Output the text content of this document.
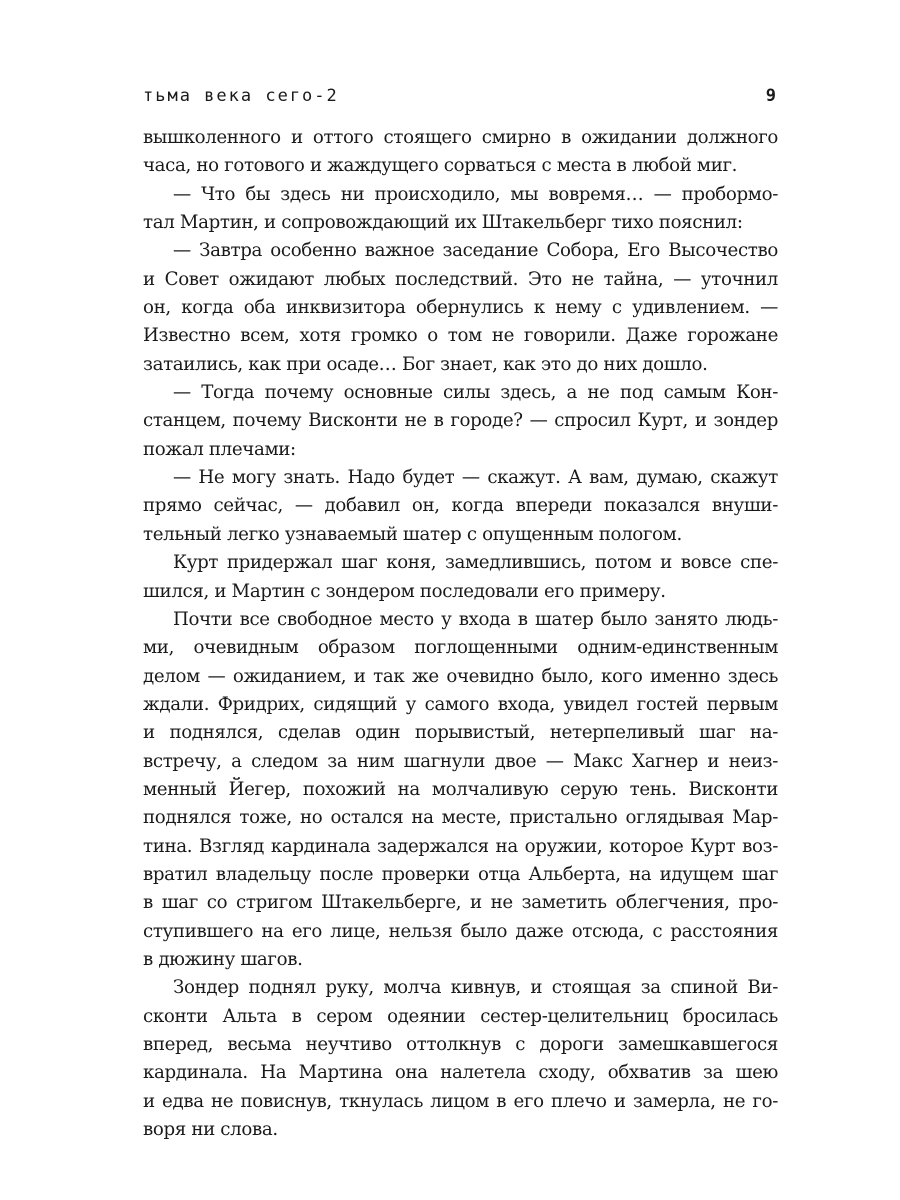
тьма века сего-2	9
вышколенного и оттого стоящего смирно в ожидании должного
часа, но готового и жаждущего сорваться с места в любой миг.
— Что бы здесь ни происходило, мы вовремя… — пробормо-
тал Мартин, и сопровождающий их Штакельберг тихо пояснил:
— Завтра особенно важное заседание Собора, Его Высочество
и Совет ожидают любых последствий. Это не тайна, — уточнил
он, когда оба инквизитора обернулись к нему с удивлением. —
Известно всем, хотя громко о том не говорили. Даже горожане
затаились, как при осаде… Бог знает, как это до них дошло.
— Тогда почему основные силы здесь, а не под самым Кон-
станцем, почему Висконти не в городе? — спросил Курт, и зондер
пожал плечами:
— Не могу знать. Надо будет — скажут. А вам, думаю, скажут
прямо сейчас, — добавил он, когда впереди показался внуши-
тельный легко узнаваемый шатер с опущенным пологом.
Курт придержал шаг коня, замедлившись, потом и вовсе спе-
шился, и Мартин с зондером последовали его примеру.
Почти все свободное место у входа в шатер было занято людь-
ми, очевидным образом поглощенными одним-единственным
делом — ожиданием, и так же очевидно было, кого именно здесь
ждали. Фридрих, сидящий у самого входа, увидел гостей первым
и поднялся, сделав один порывистый, нетерпеливый шаг на-
встречу, а следом за ним шагнули двое — Макс Хагнер и неиз-
менный Йегер, похожий на молчаливую серую тень. Висконти
поднялся тоже, но остался на месте, пристально оглядывая Мар-
тина. Взгляд кардинала задержался на оружии, которое Курт воз-
вратил владельцу после проверки отца Альберта, на идущем шаг
в шаг со стригом Штакельберге, и не заметить облегчения, про-
ступившего на его лице, нельзя было даже отсюда, с расстояния
в дюжину шагов.
Зондер поднял руку, молча кивнув, и стоящая за спиной Ви-
сконти Альта в сером одеянии сестер-целительниц бросилась
вперед, весьма неучтиво оттолкнув с дороги замешкавшегося
кардинала. На Мартина она налетела сходу, обхватив за шею
и едва не повиснув, ткнулась лицом в его плечо и замерла, не го-
воря ни слова.
